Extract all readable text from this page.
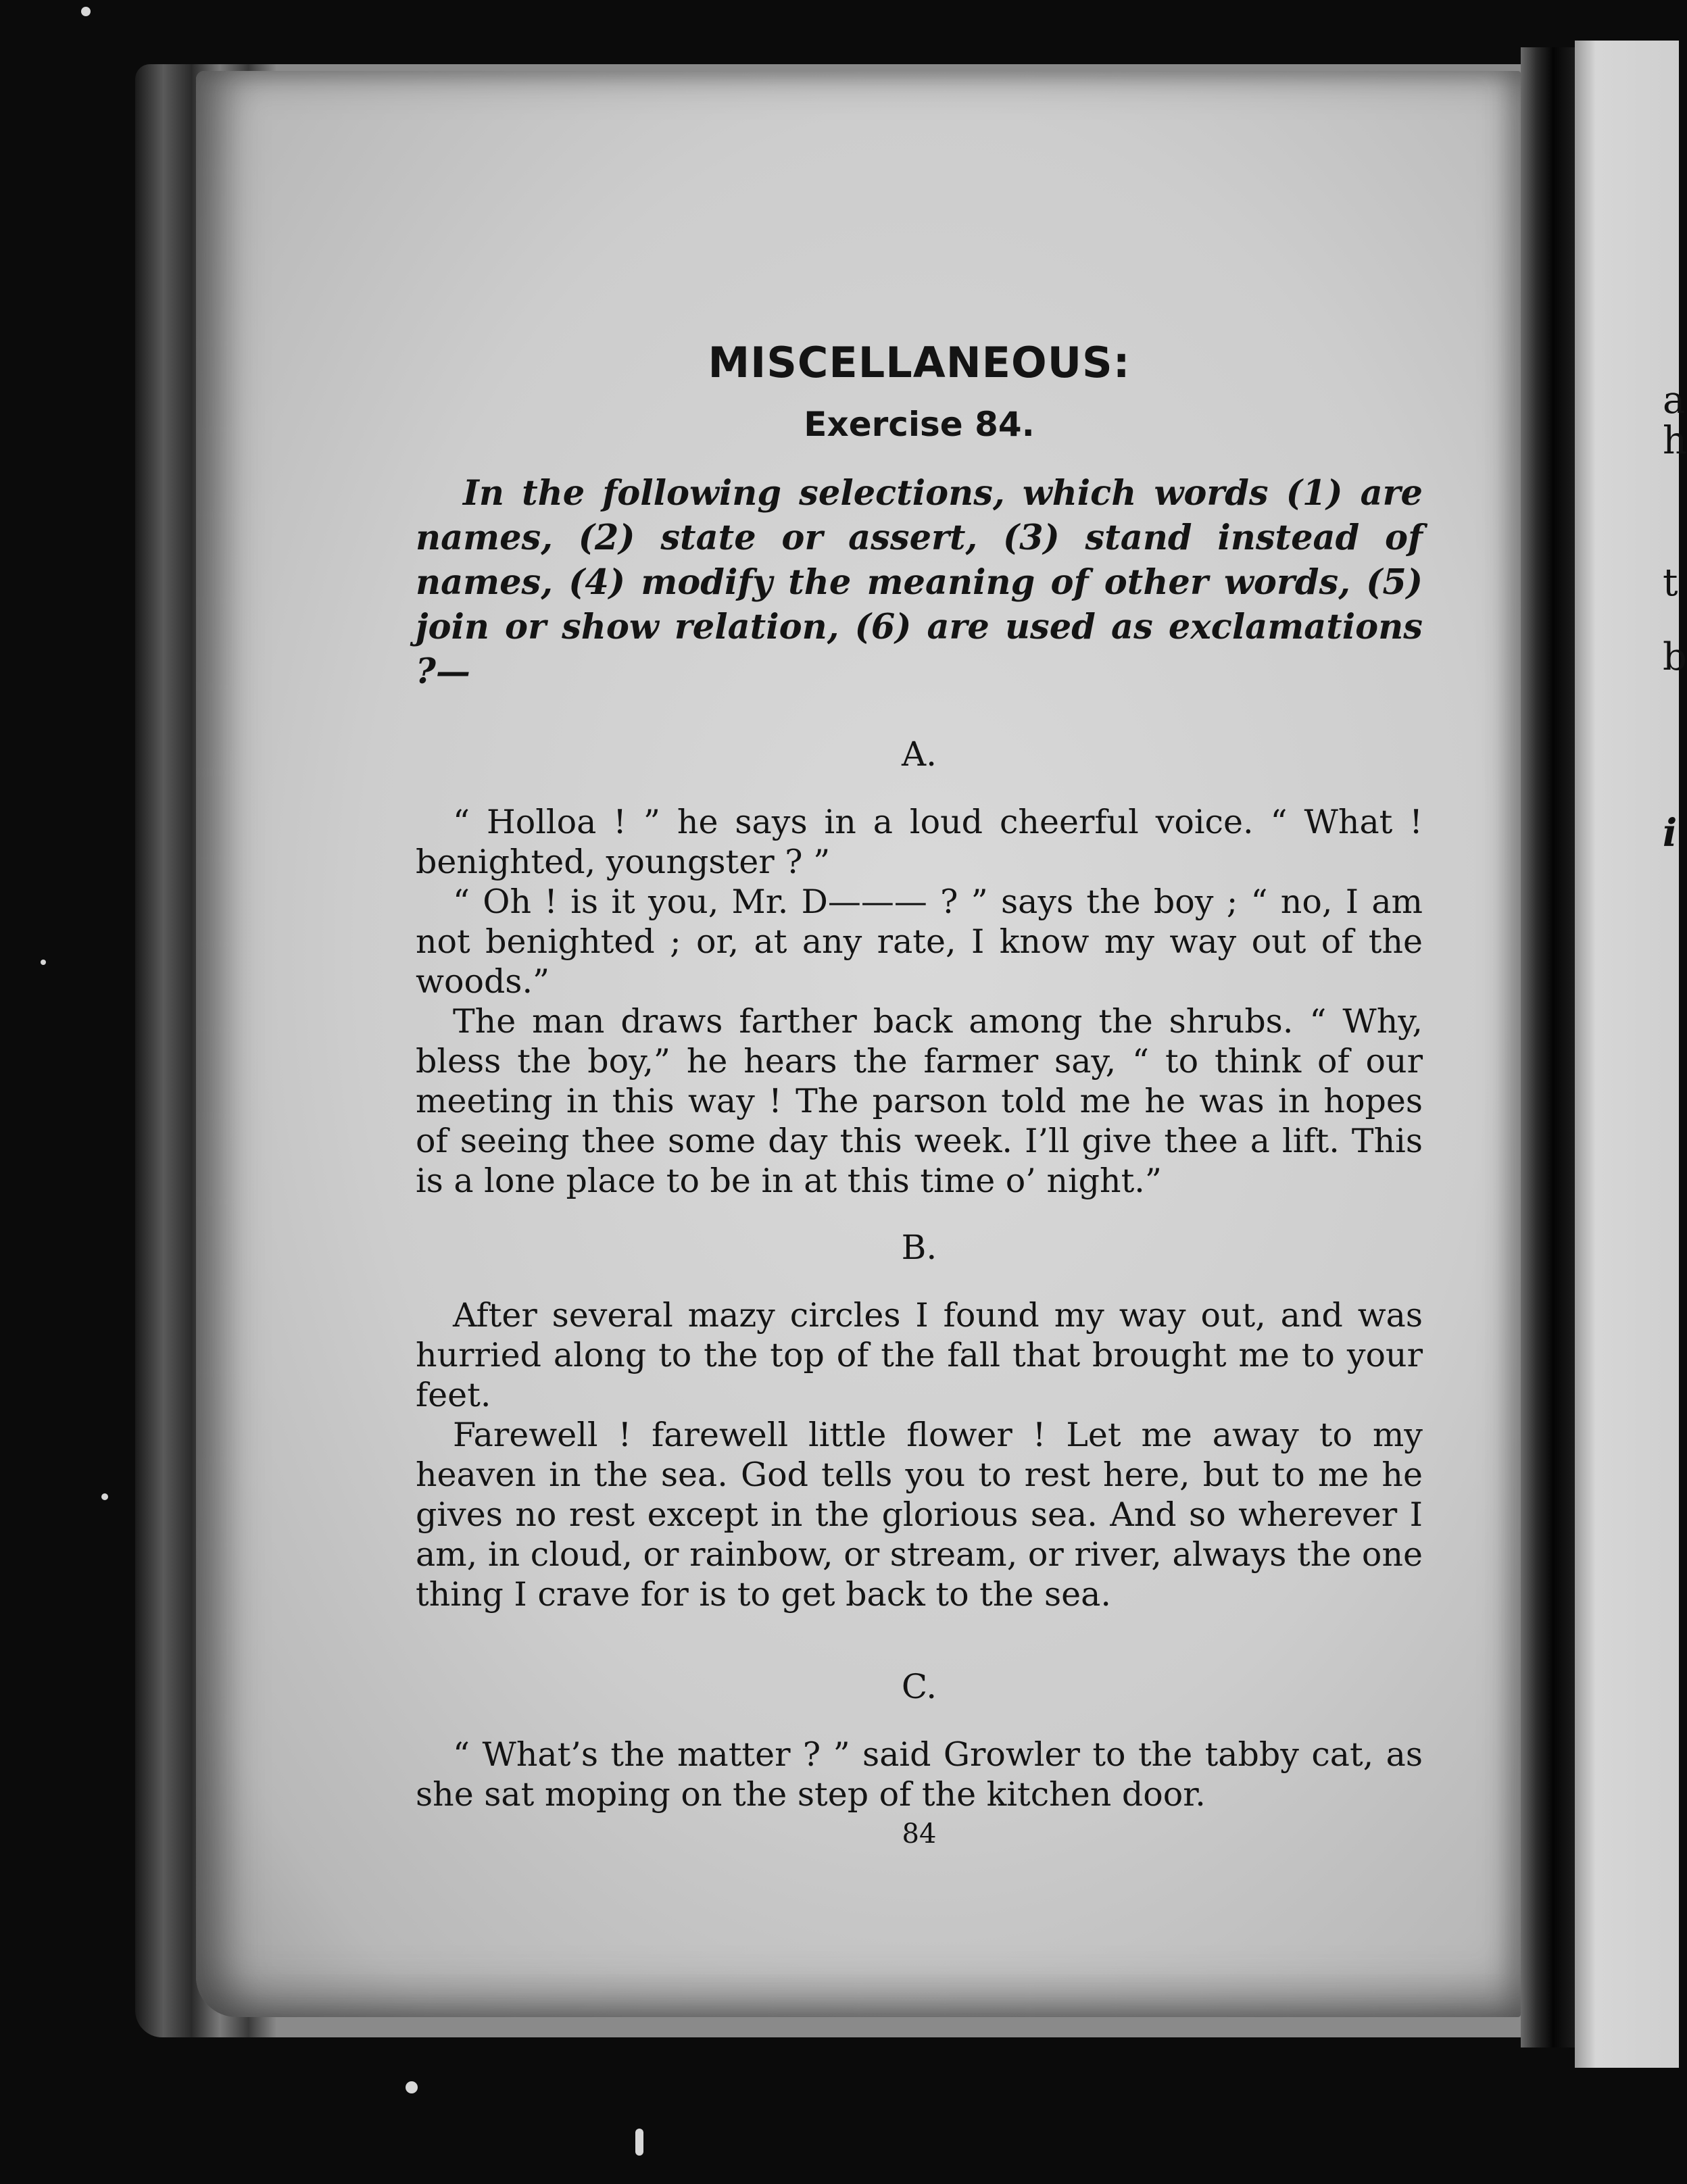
a
h
t
b
i
MISCELLANEOUS:
Exercise 84.

In the following selections, which words (1) are names, (2) state or assert, (3) stand instead of names, (4) modify the meaning of other words, (5) join or show relation, (6) are used as exclamations ?—

A.

“ Holloa ! ” he says in a loud cheerful voice. “ What ! benighted, youngster ? ”

“ Oh ! is it you, Mr. D——— ? ” says the boy ; “ no, I am not benighted ; or, at any rate, I know my way out of the woods.”

The man draws farther back among the shrubs. “ Why, bless the boy,” he hears the farmer say, “ to think of our meeting in this way ! The parson told me he was in hopes of seeing thee some day this week. I’ll give thee a lift. This is a lone place to be in at this time o’ night.”

B.

After several mazy circles I found my way out, and was hurried along to the top of the fall that brought me to your feet.

Farewell ! farewell little flower ! Let me away to my heaven in the sea. God tells you to rest here, but to me he gives no rest except in the glorious sea. And so wherever I am, in cloud, or rainbow, or stream, or river, always the one thing I crave for is to get back to the sea.

C.

“ What’s the matter ? ” said Growler to the tabby cat, as she sat moping on the step of the kitchen door.

84
